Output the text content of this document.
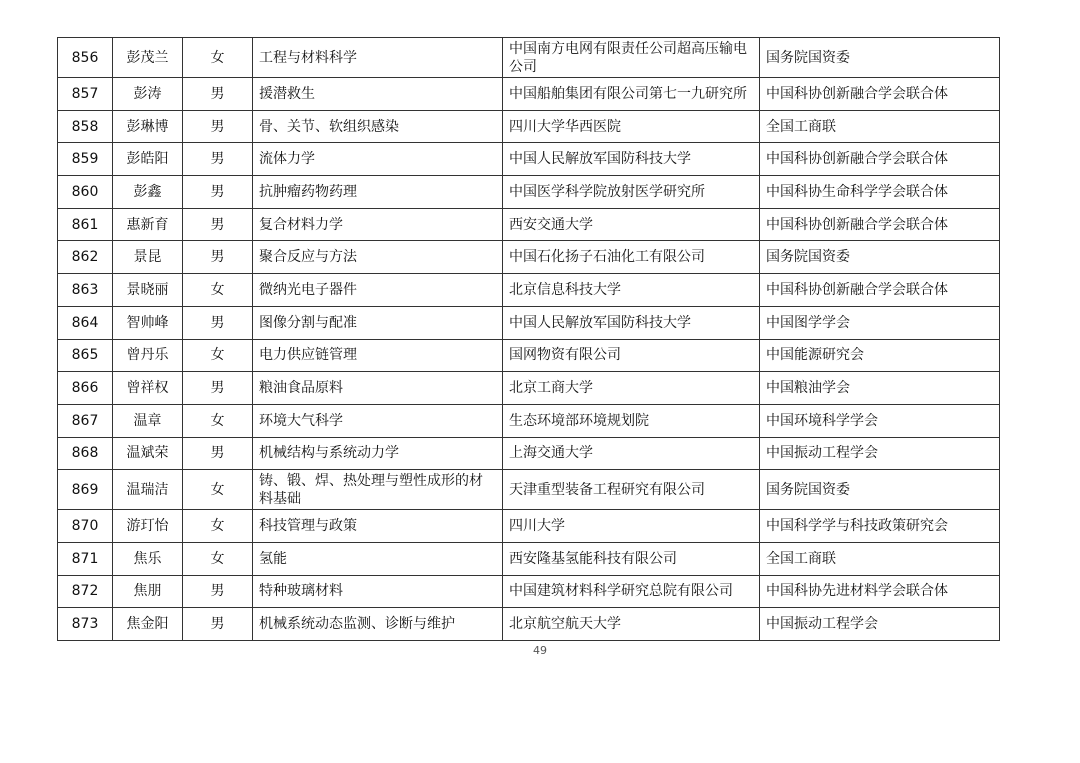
856	彭茂兰	女	工程与材料科学	中国南方电网有限责任公司超高压输电公司	国务院国资委
857	彭涛	男	援潜救生	中国船舶集团有限公司第七一九研究所	中国科协创新融合学会联合体
858	彭琳博	男	骨、关节、软组织感染	四川大学华西医院	全国工商联
859	彭皓阳	男	流体力学	中国人民解放军国防科技大学	中国科协创新融合学会联合体
860	彭鑫	男	抗肿瘤药物药理	中国医学科学院放射医学研究所	中国科协生命科学学会联合体
861	惠新育	男	复合材料力学	西安交通大学	中国科协创新融合学会联合体
862	景昆	男	聚合反应与方法	中国石化扬子石油化工有限公司	国务院国资委
863	景晓丽	女	微纳光电子器件	北京信息科技大学	中国科协创新融合学会联合体
864	智帅峰	男	图像分割与配准	中国人民解放军国防科技大学	中国图学学会
865	曾丹乐	女	电力供应链管理	国网物资有限公司	中国能源研究会
866	曾祥权	男	粮油食品原料	北京工商大学	中国粮油学会
867	温章	女	环境大气科学	生态环境部环境规划院	中国环境科学学会
868	温斌荣	男	机械结构与系统动力学	上海交通大学	中国振动工程学会
869	温瑞洁	女	铸、锻、焊、热处理与塑性成形的材料基础	天津重型装备工程研究有限公司	国务院国资委
870	游玎怡	女	科技管理与政策	四川大学	中国科学学与科技政策研究会
871	焦乐	女	氢能	西安隆基氢能科技有限公司	全国工商联
872	焦朋	男	特种玻璃材料	中国建筑材料科学研究总院有限公司	中国科协先进材料学会联合体
873	焦金阳	男	机械系统动态监测、诊断与维护	北京航空航天大学	中国振动工程学会
49
